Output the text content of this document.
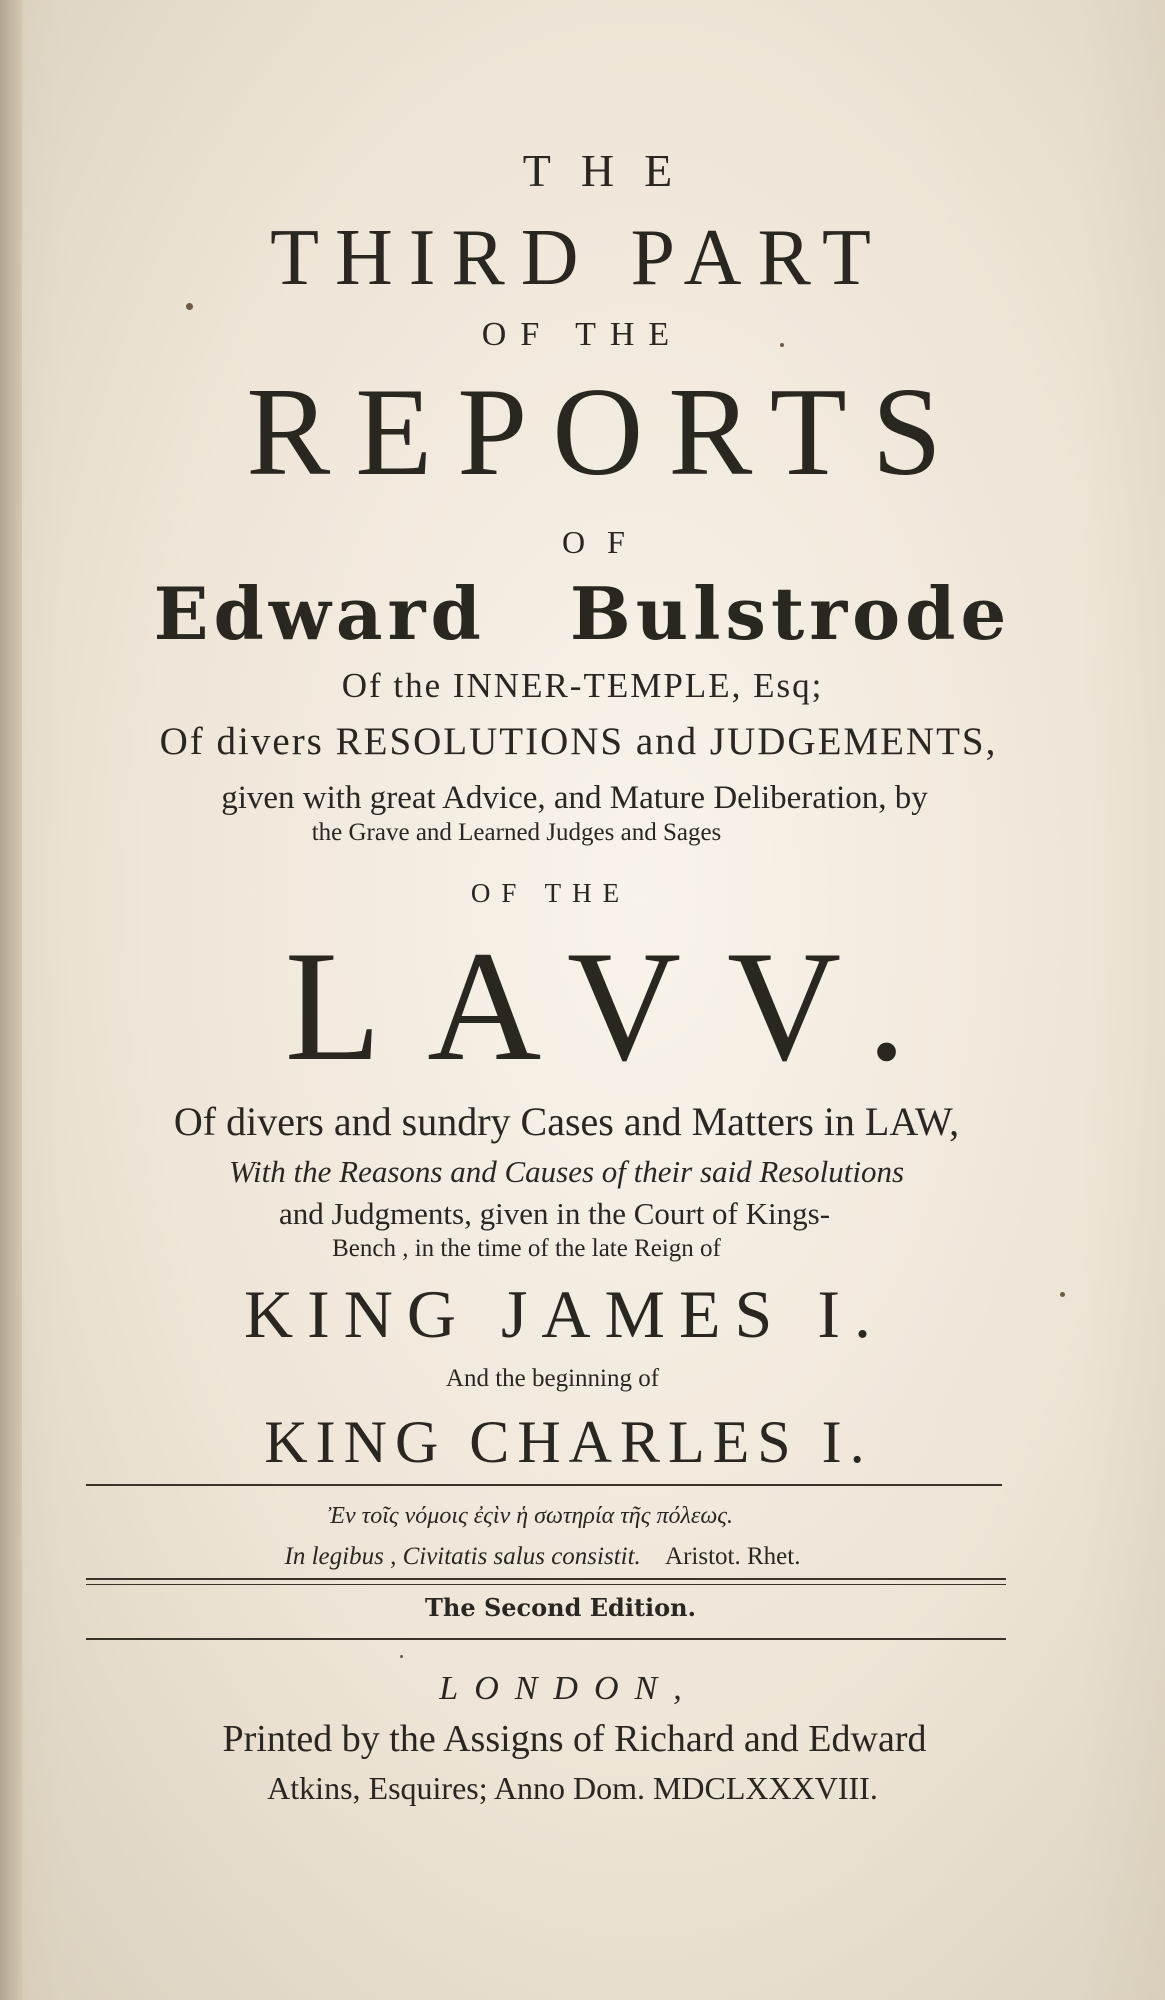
THE
THIRD PART
OF THE
REPORTS
OF
Edward Bulstrode
Of the INNER-TEMPLE, Esq;
Of divers RESOLUTIONS and JUDGEMENTS,
given with great Advice, and Mature Deliberation, by
the Grave and Learned Judges and Sages
OF THE
LAVV.
Of divers and sundry Cases and Matters in LAW,
With the Reasons and Causes of their said Resolutions
and Judgments, given in the Court of Kings-
Bench , in the time of the late Reign of
KING JAMES I.
And the beginning of
KING CHARLES I.
Ἐν τοῖς νόμοις ἐςὶν ἡ σωτηρία τῆς πόλεως.
In legibus , Civitatis salus consistit. Aristot. Rhet.
The Second Edition.
LONDON,
Printed by the Assigns of Richard and Edward
Atkins, Esquires; Anno Dom. MDCLXXXVIII.
